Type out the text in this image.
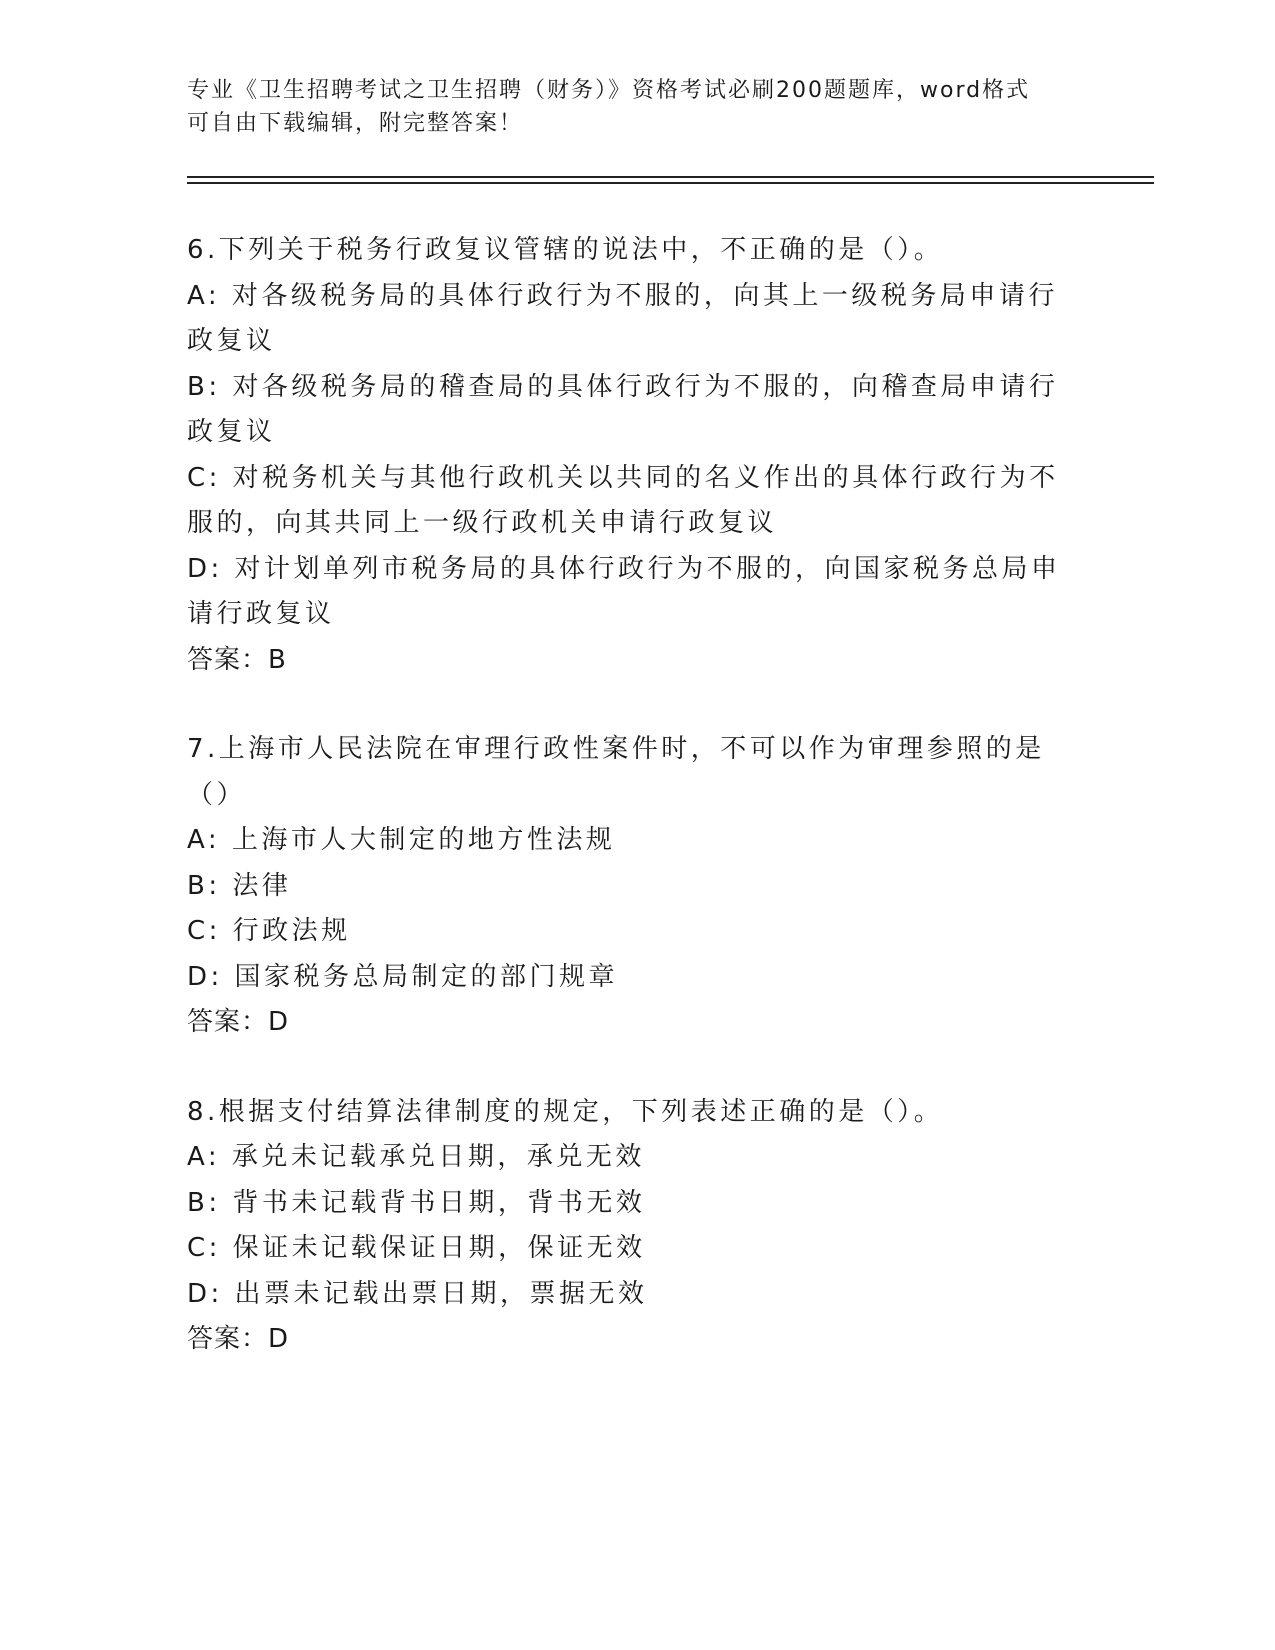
专业《卫生招聘考试之卫生招聘（财务）》资格考试必刷200题题库，word格式
可自由下载编辑，附完整答案！

6.下列关于税务行政复议管辖的说法中，不正确的是（）。

A: 对各级税务局的具体行政行为不服的，向其上一级税务局申请行政复议

B: 对各级税务局的稽查局的具体行政行为不服的，向稽查局申请行政复议

C: 对税务机关与其他行政机关以共同的名义作出的具体行政行为不服的，向其共同上一级行政机关申请行政复议

D: 对计划单列市税务局的具体行政行为不服的，向国家税务总局申请行政复议

答案：B

7.上海市人民法院在审理行政性案件时，不可以作为审理参照的是（）

A: 上海市人大制定的地方性法规

B: 法律

C: 行政法规

D: 国家税务总局制定的部门规章

答案：D

8.根据支付结算法律制度的规定，下列表述正确的是（）。

A: 承兑未记载承兑日期，承兑无效

B: 背书未记载背书日期，背书无效

C: 保证未记载保证日期，保证无效

D: 出票未记载出票日期，票据无效

答案：D
